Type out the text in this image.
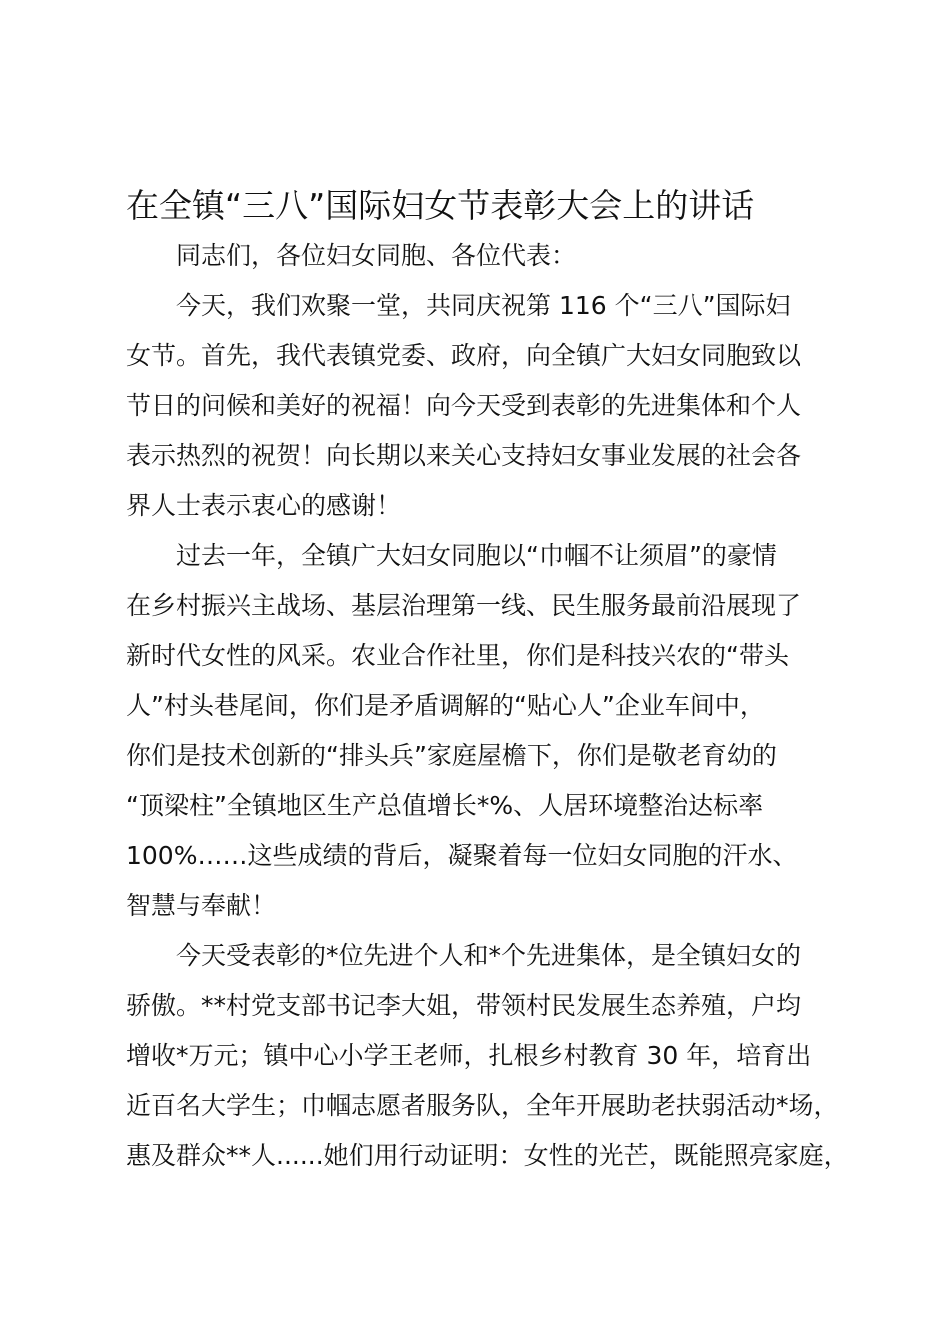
在全镇“三八”国际妇女节表彰大会上的讲话
同志们，各位妇女同胞、各位代表：
今天，我们欢聚一堂，共同庆祝第 116 个“三八”国际妇
女节。首先，我代表镇党委、政府，向全镇广大妇女同胞致以
节日的问候和美好的祝福！向今天受到表彰的先进集体和个人
表示热烈的祝贺！向长期以来关心支持妇女事业发展的社会各
界人士表示衷心的感谢！
过去一年，全镇广大妇女同胞以“巾帼不让须眉”的豪情
在乡村振兴主战场、基层治理第一线、民生服务最前沿展现了
新时代女性的风采。农业合作社里，你们是科技兴农的“带头
人”村头巷尾间，你们是矛盾调解的“贴心人”企业车间中，
你们是技术创新的“排头兵”家庭屋檐下，你们是敬老育幼的
“顶梁柱”全镇地区生产总值增长*%、人居环境整治达标率
100%……这些成绩的背后，凝聚着每一位妇女同胞的汗水、
智慧与奉献！
今天受表彰的*位先进个人和*个先进集体，是全镇妇女的
骄傲。**村党支部书记李大姐，带领村民发展生态养殖，户均
增收*万元；镇中心小学王老师，扎根乡村教育 30 年，培育出
近百名大学生；巾帼志愿者服务队，全年开展助老扶弱活动*场，
惠及群众**人......她们用行动证明：女性的光芒，既能照亮家庭，
